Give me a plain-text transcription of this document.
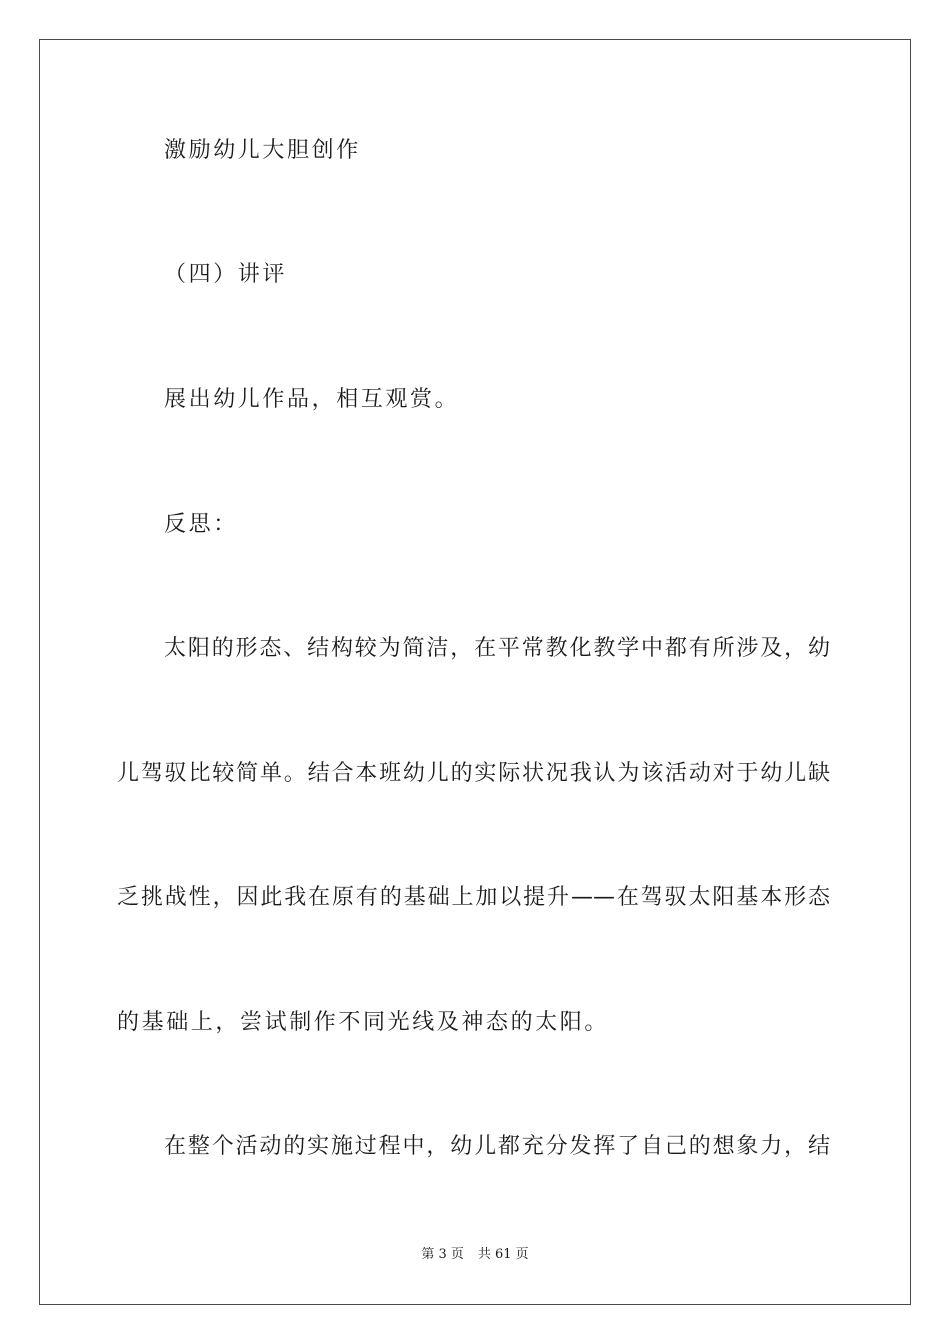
激励幼儿大胆创作
（四）讲评
展出幼儿作品，相互观赏。
反思：
太阳的形态、结构较为简洁，在平常教化教学中都有所涉及，幼
儿驾驭比较简单。结合本班幼儿的实际状况我认为该活动对于幼儿缺
乏挑战性，因此我在原有的基础上加以提升——在驾驭太阳基本形态
的基础上，尝试制作不同光线及神态的太阳。
在整个活动的实施过程中，幼儿都充分发挥了自己的想象力，结
第 3 页 共 61 页
